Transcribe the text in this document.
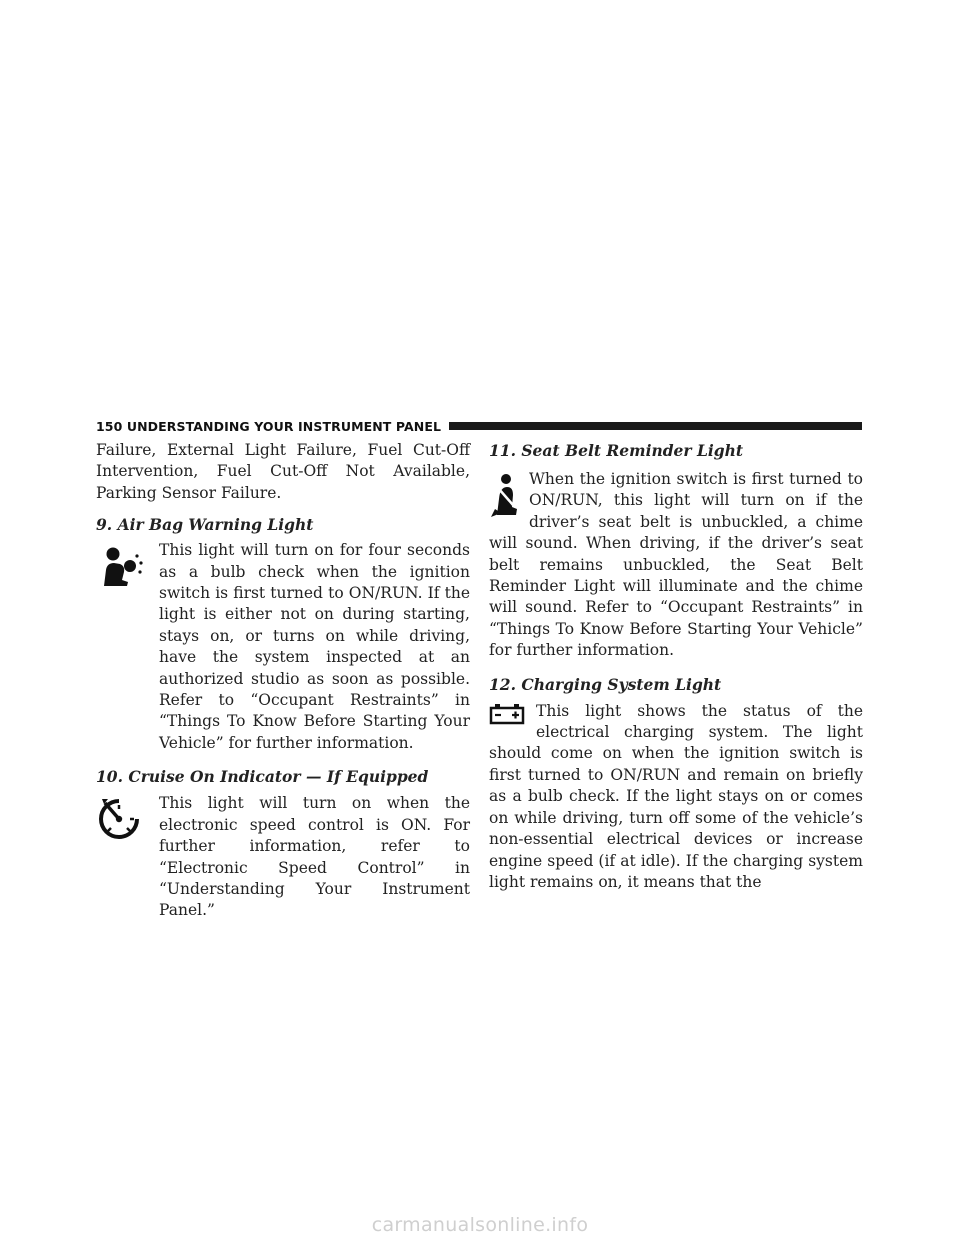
150 UNDERSTANDING YOUR INSTRUMENT PANEL

Failure, External Light Failure, Fuel Cut-Off Intervention, Fuel Cut-Off Not Available, Parking Sensor Failure.

9. Air Bag Warning Light

This light will turn on for four seconds as a bulb check when the ignition switch is first turned to ON/RUN. If the light is either not on during starting, stays on, or turns on while driving, have the system inspected at an authorized studio as soon as possible. Refer to “Occupant Restraints” in “Things To Know Before Starting Your Vehicle” for further information.

10. Cruise On Indicator — If Equipped

This light will turn on when the electronic speed control is ON. For further information, refer to “Electronic Speed Control” in “Understanding Your Instrument Panel.”

11. Seat Belt Reminder Light

When the ignition switch is first turned to ON/RUN, this light will turn on if the driver’s seat belt is unbuckled, a chime will sound. When driving, if the driver’s seat belt remains unbuckled, the Seat Belt Reminder Light will illuminate and the chime will sound. Refer to “Occupant Restraints” in “Things To Know Before Starting Your Vehicle” for further information.

12. Charging System Light

This light shows the status of the electrical charging system. The light should come on when the ignition switch is first turned to ON/RUN and remain on briefly as a bulb check. If the light stays on or comes on while driving, turn off some of the vehicle’s non-essential electrical devices or increase engine speed (if at idle). If the charging system light remains on, it means that the

carmanualsonline.info
